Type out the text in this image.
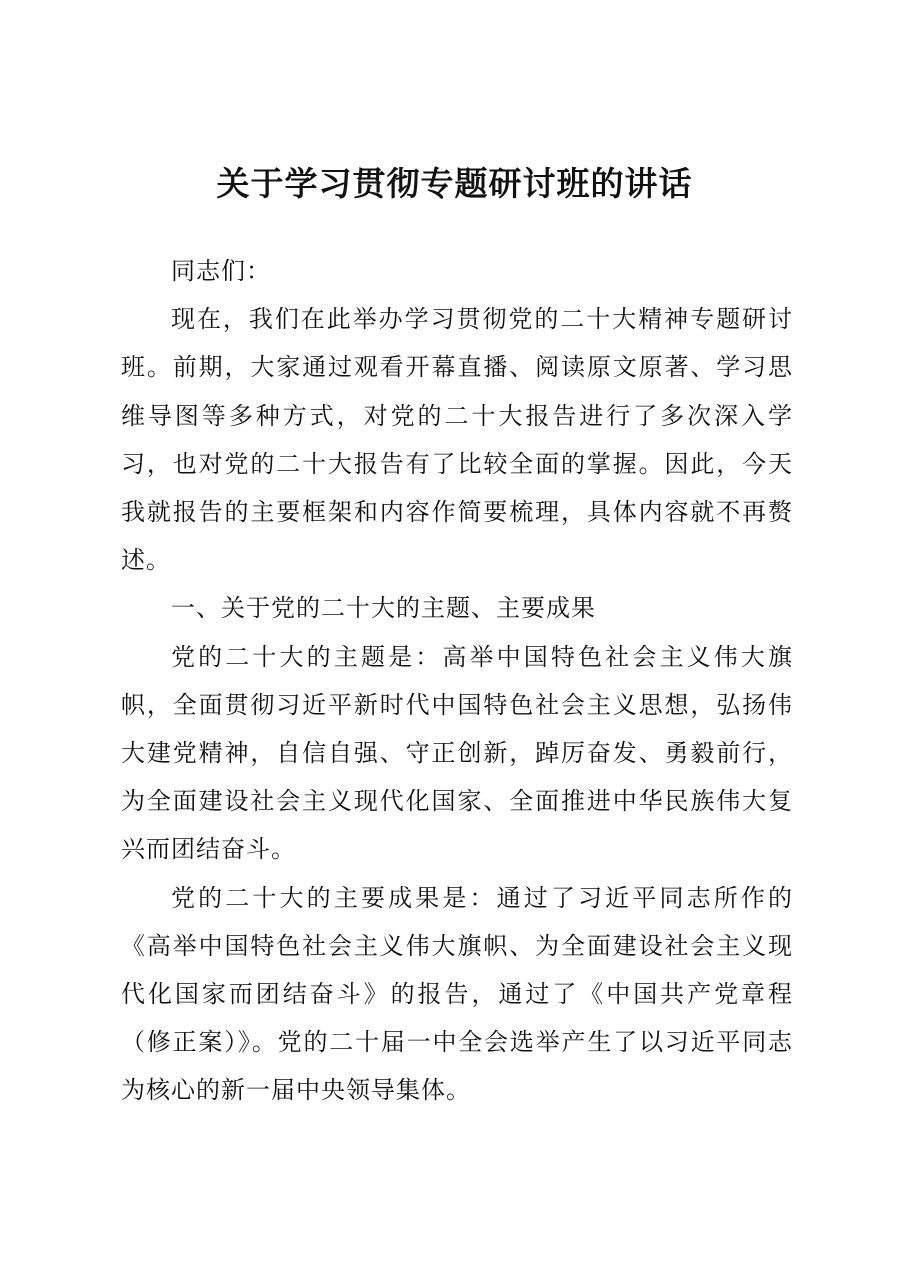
关于学习贯彻专题研讨班的讲话

同志们：

现在，我们在此举办学习贯彻党的二十大精神专题研讨班。前期，大家通过观看开幕直播、阅读原文原著、学习思维导图等多种方式，对党的二十大报告进行了多次深入学习，也对党的二十大报告有了比较全面的掌握。因此，今天我就报告的主要框架和内容作简要梳理，具体内容就不再赘述。

一、关于党的二十大的主题、主要成果

党的二十大的主题是：高举中国特色社会主义伟大旗帜，全面贯彻习近平新时代中国特色社会主义思想，弘扬伟大建党精神，自信自强、守正创新，踔厉奋发、勇毅前行，为全面建设社会主义现代化国家、全面推进中华民族伟大复兴而团结奋斗。

党的二十大的主要成果是：通过了习近平同志所作的《高举中国特色社会主义伟大旗帜、为全面建设社会主义现代化国家而团结奋斗》的报告，通过了《中国共产党章程（修正案）》。党的二十届一中全会选举产生了以习近平同志为核心的新一届中央领导集体。
